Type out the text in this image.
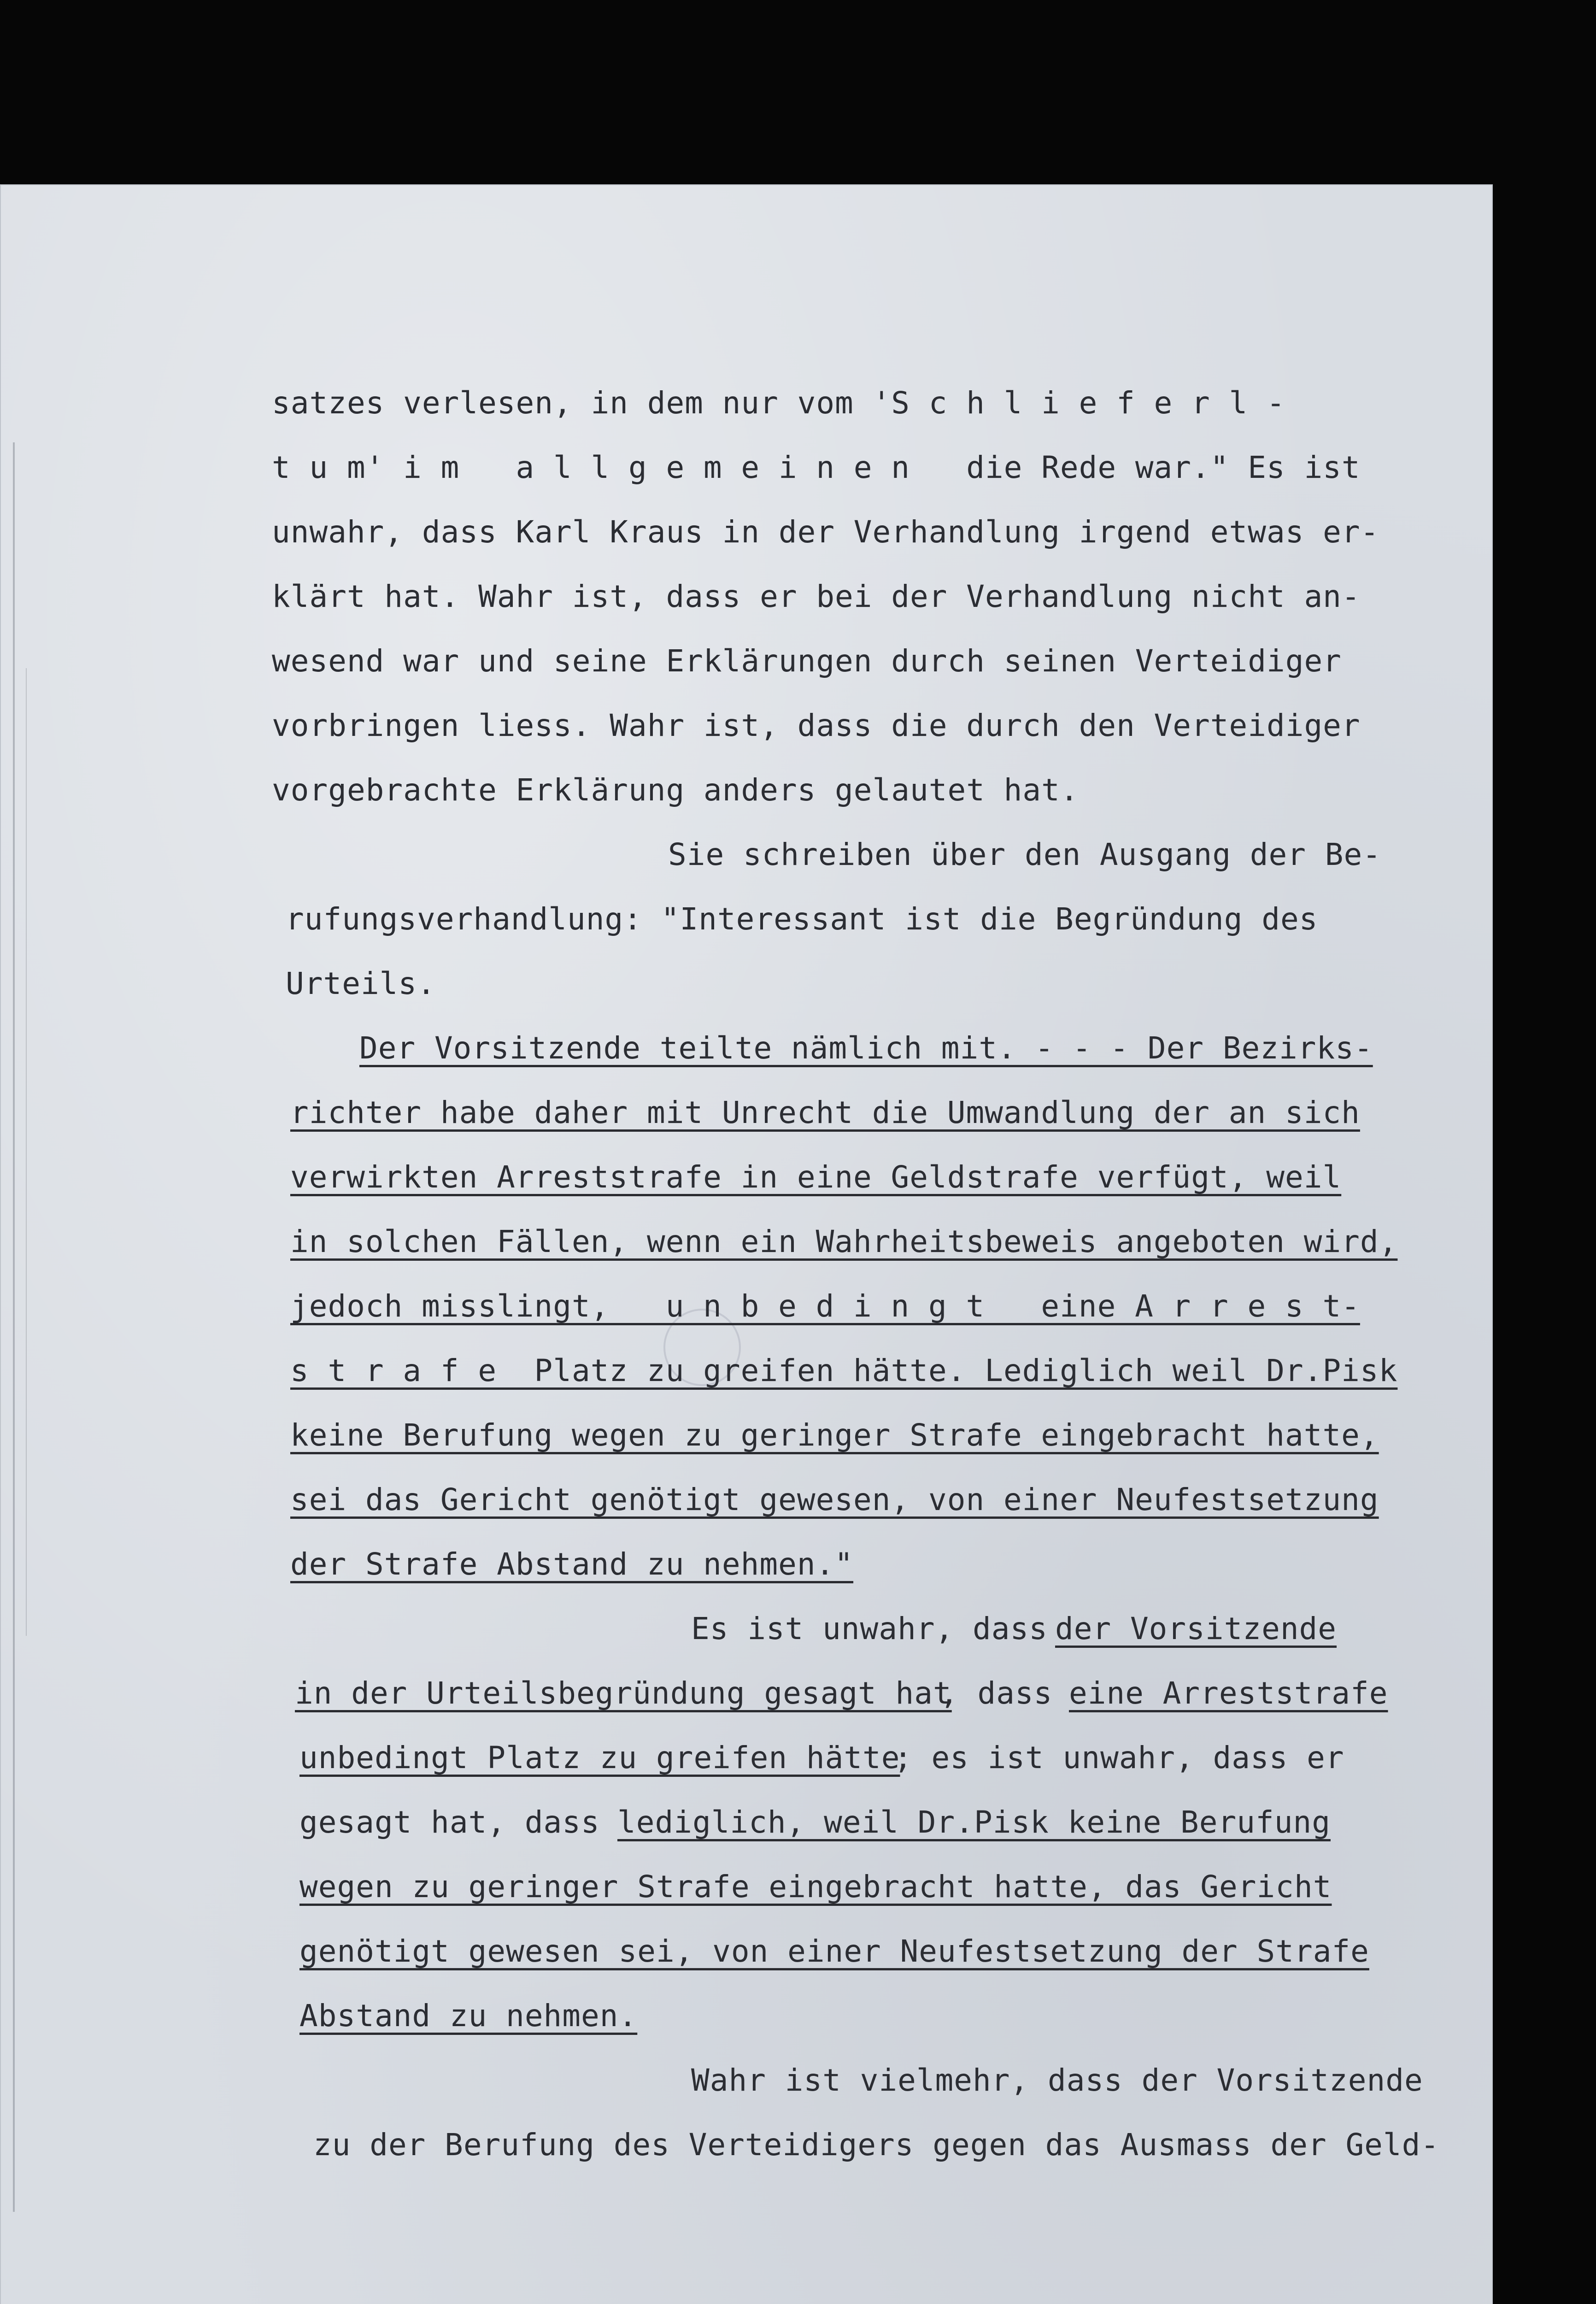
satzes verlesen, in dem nur vom 'S c h l i e f e r l -

t u m' i m   a l l g e m e i n e n   die Rede war." Es ist

unwahr, dass Karl Kraus in der Verhandlung irgend etwas er-

klärt hat. Wahr ist, dass er bei der Verhandlung nicht an-

wesend war und seine Erklärungen durch seinen Verteidiger

vorbringen liess. Wahr ist, dass die durch den Verteidiger

vorgebrachte Erklärung anders gelautet hat.

Sie schreiben über den Ausgang der Be-

rufungsverhandlung: "Interessant ist die Begründung des

Urteils.

Der Vorsitzende teilte nämlich mit. - - - Der Bezirks-

richter habe daher mit Unrecht die Umwandlung der an sich

verwirkten Arreststrafe in eine Geldstrafe verfügt, weil

in solchen Fällen, wenn ein Wahrheitsbeweis angeboten wird,

jedoch misslingt,   u n b e d i n g t   eine A r r e s t-

s t r a f e  Platz zu greifen hätte. Lediglich weil Dr.Pisk

keine Berufung wegen zu geringer Strafe eingebracht hatte,

sei das Gericht genötigt gewesen, von einer Neufestsetzung

der Strafe Abstand zu nehmen."

Es ist unwahr, dass der Vorsitzende

in der Urteilsbegründung gesagt hat

, dass eine Arreststrafe

unbedingt Platz zu greifen hätte

; es ist unwahr, dass er

gesagt hat, dass lediglich, weil Dr.Pisk keine Berufung

wegen zu geringer Strafe eingebracht hatte, das Gericht

genötigt gewesen sei, von einer Neufestsetzung der Strafe

Abstand zu nehmen.

Wahr ist vielmehr, dass der Vorsitzende

zu der Berufung des Verteidigers gegen das Ausmass der Geld-
